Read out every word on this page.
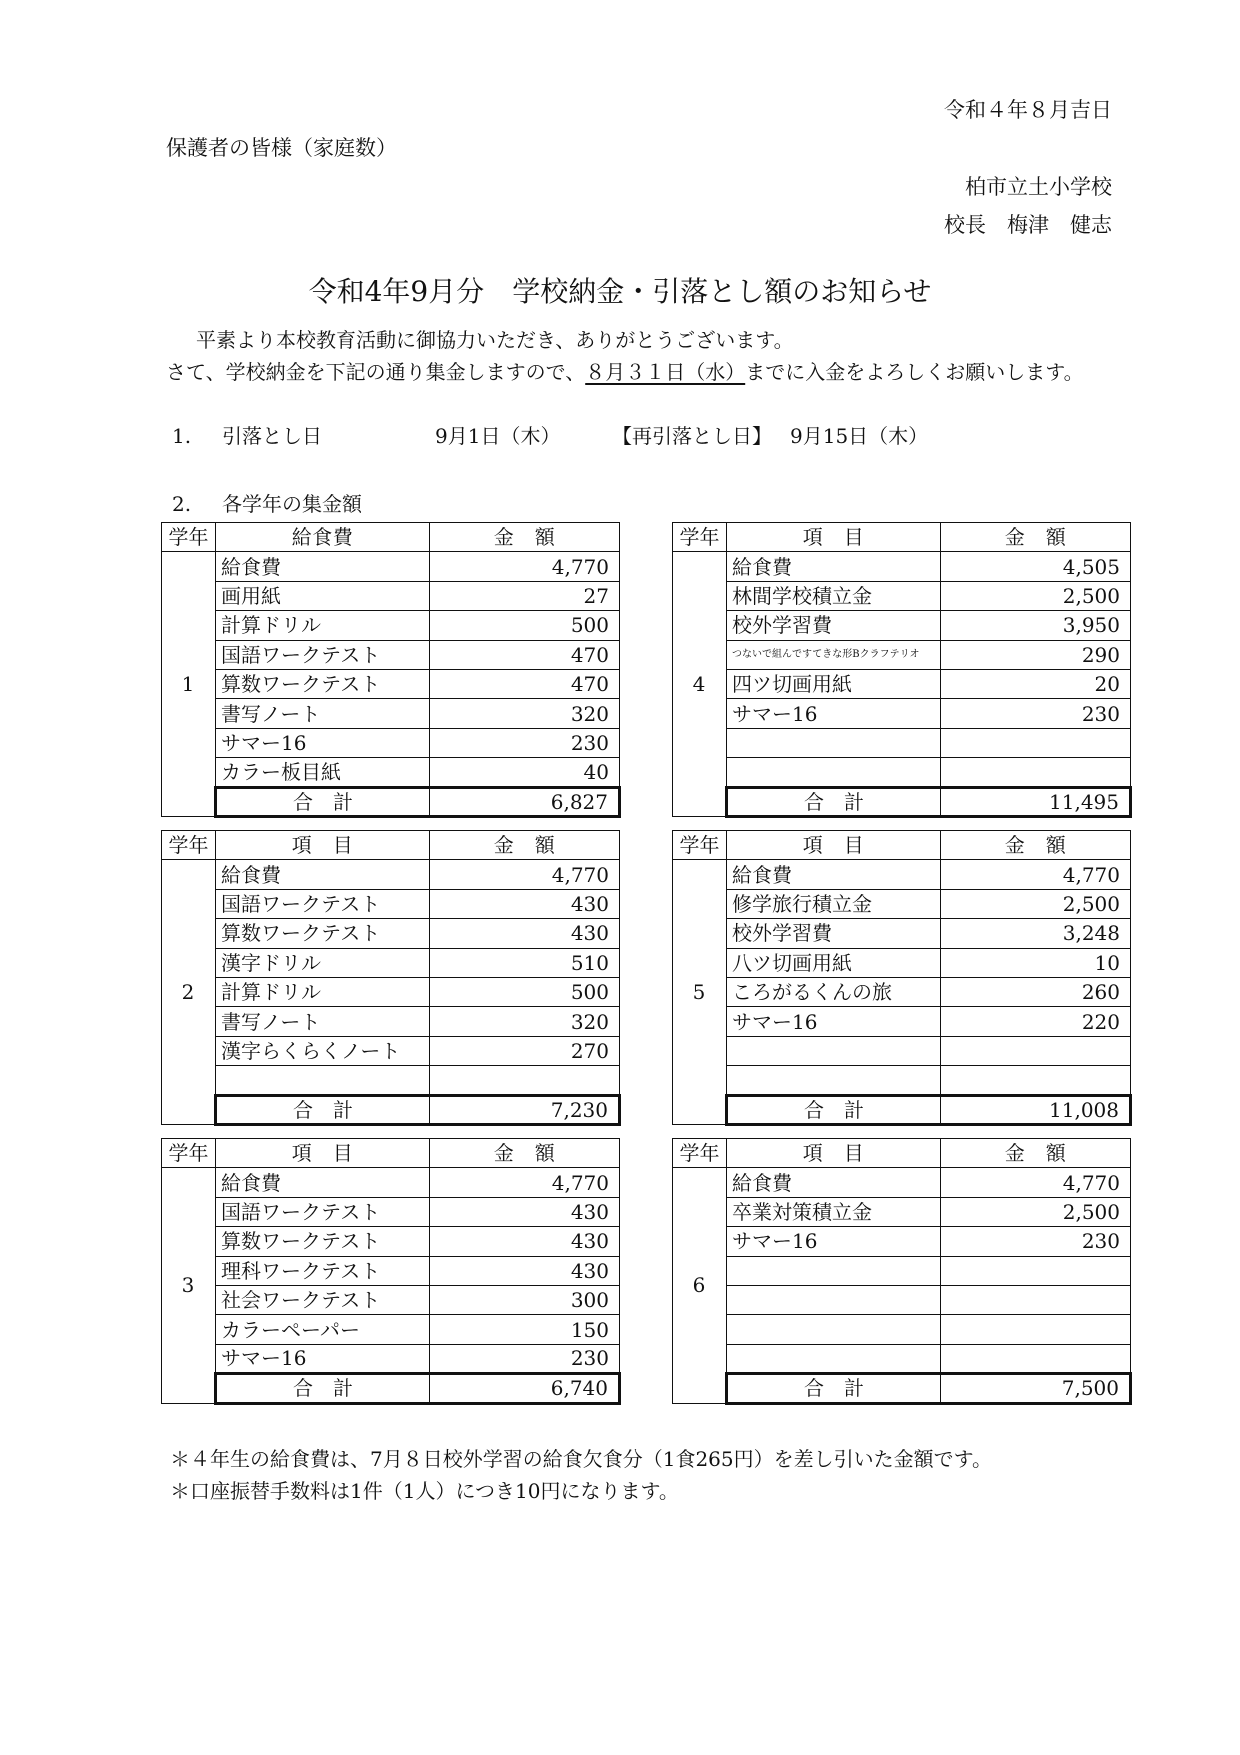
令和４年８月吉日
保護者の皆様（家庭数）
柏市立土小学校
校長　梅津　健志
令和4年9月分　学校納金・引落とし額のお知らせ
平素より本校教育活動に御協力いただき、ありがとうございます。
さて、学校納金を下記の通り集金しますので、８月３１日（水）までに入金をよろしくお願いします。
1. 引落とし日	9月1日（木）	【再引落とし日】 9月15日（木）
2. 各学年の集金額
学年	給食費	金　額
1	給食費	4,770
	画用紙	27
	計算ドリル	500
	国語ワークテスト	470
	算数ワークテスト	470
	書写ノート	320
	サマー16	230
	カラー板目紙	40
	合　計	6,827
学年	項　目	金　額
4	給食費	4,505
	林間学校積立金	2,500
	校外学習費	3,950
	つないで組んですてきな形Bクラフテリオ	290
	四ツ切画用紙	20
	サマー16	230

	合　計	11,495
学年	項　目	金　額
2	給食費	4,770
	国語ワークテスト	430
	算数ワークテスト	430
	漢字ドリル	510
	計算ドリル	500
	書写ノート	320
	漢字らくらくノート	270

	合　計	7,230
学年	項　目	金　額
5	給食費	4,770
	修学旅行積立金	2,500
	校外学習費	3,248
	八ツ切画用紙	10
	ころがるくんの旅	260
	サマー16	220

	合　計	11,008
学年	項　目	金　額
3	給食費	4,770
	国語ワークテスト	430
	算数ワークテスト	430
	理科ワークテスト	430
	社会ワークテスト	300
	カラーペーパー	150
	サマー16	230
	合　計	6,740
学年	項　目	金　額
6	給食費	4,770
	卒業対策積立金	2,500
	サマー16	230

	合　計	7,500
＊４年生の給食費は、7月８日校外学習の給食欠食分（1食265円）を差し引いた金額です。
＊口座振替手数料は1件（1人）につき10円になります。
